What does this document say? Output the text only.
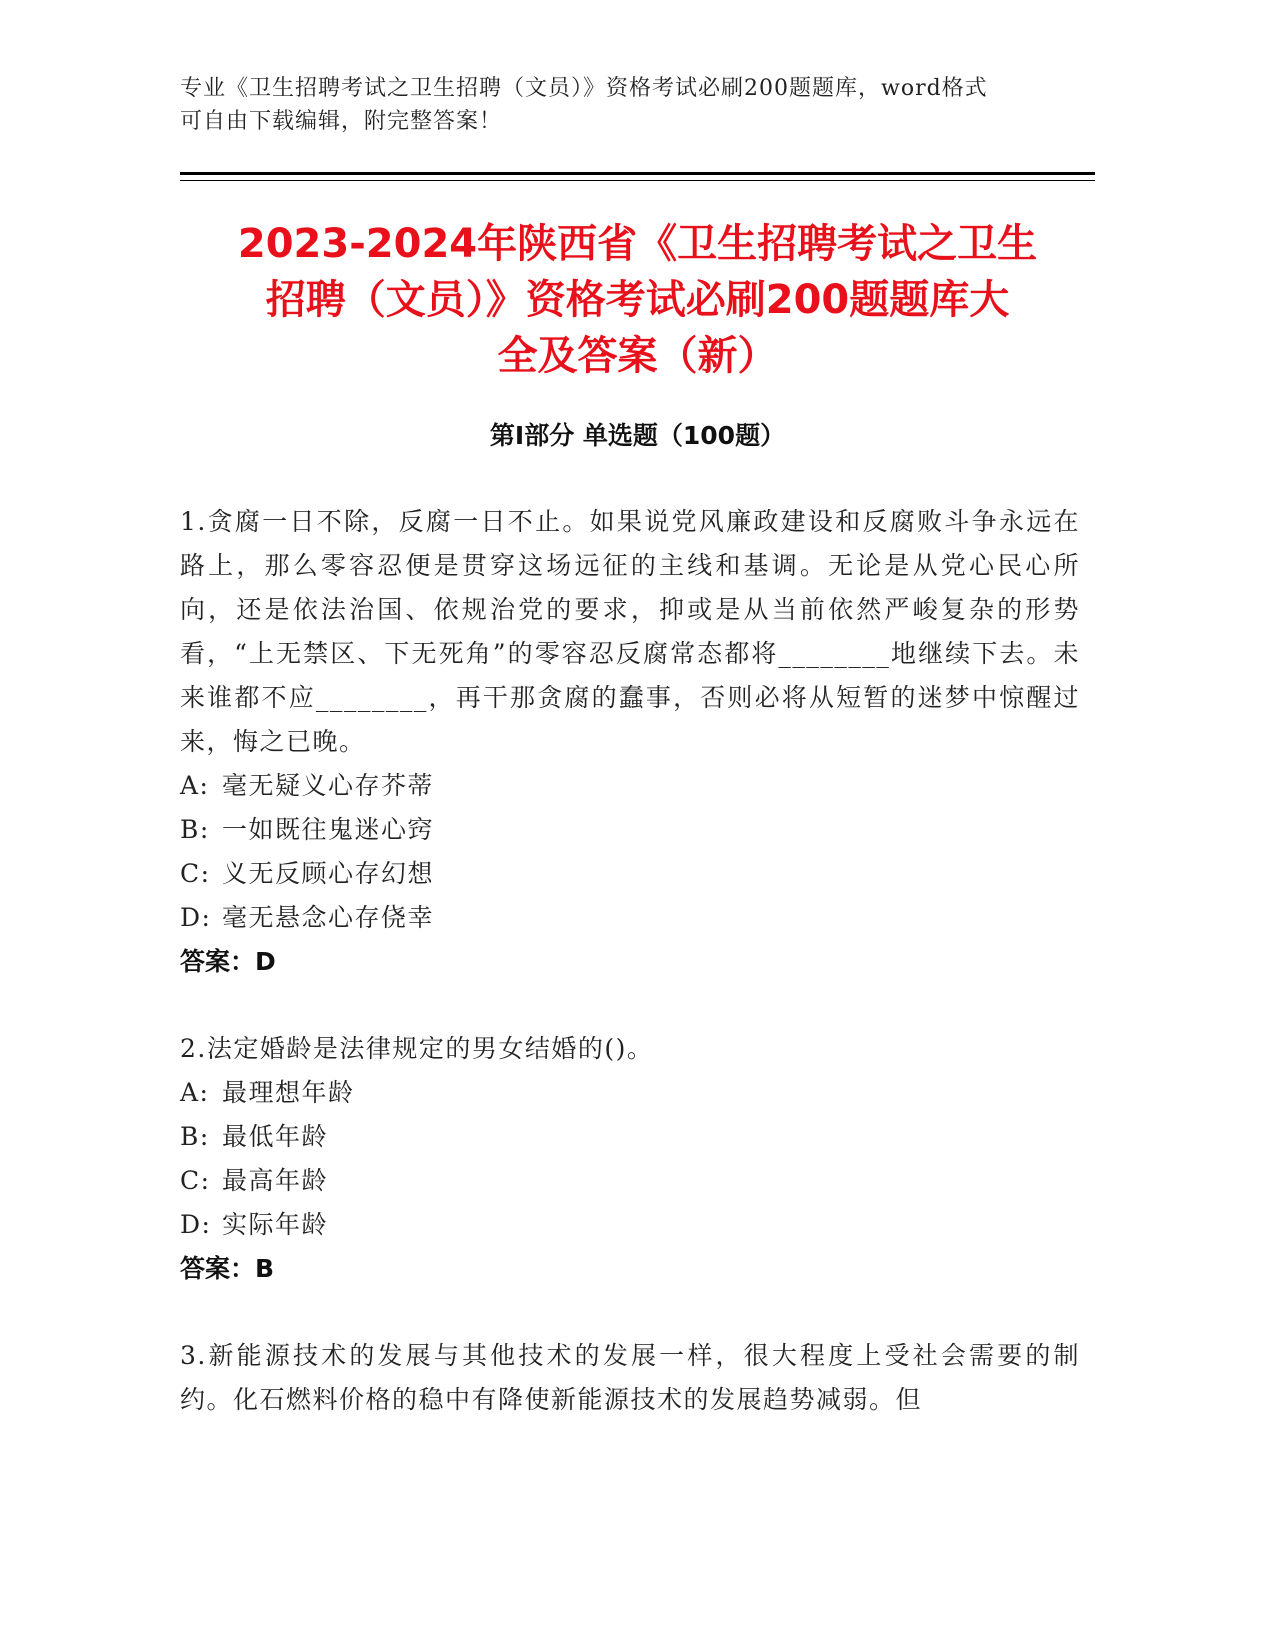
专业《卫生招聘考试之卫生招聘（文员）》资格考试必刷200题题库，word格式
可自由下载编辑，附完整答案！
2023-2024年陕西省《卫生招聘考试之卫生
招聘（文员）》资格考试必刷200题题库大
全及答案（新）
第Ⅰ部分 单选题（100题）

1.贪腐一日不除，反腐一日不止。如果说党风廉政建设和反腐败斗争永远在路上，那么零容忍便是贯穿这场远征的主线和基调。无论是从党心民心所向，还是依法治国、依规治党的要求，抑或是从当前依然严峻复杂的形势看，“上无禁区、下无死角”的零容忍反腐常态都将________地继续下去。未来谁都不应________，再干那贪腐的蠢事，否则必将从短暂的迷梦中惊醒过来，悔之已晚。

A: 毫无疑义心存芥蒂

B: 一如既往鬼迷心窍

C: 义无反顾心存幻想

D: 毫无悬念心存侥幸

答案：D

2.法定婚龄是法律规定的男女结婚的()。

A: 最理想年龄

B: 最低年龄

C: 最高年龄

D: 实际年龄

答案：B

3.新能源技术的发展与其他技术的发展一样，很大程度上受社会需要的制约。化石燃料价格的稳中有降使新能源技术的发展趋势减弱。但
